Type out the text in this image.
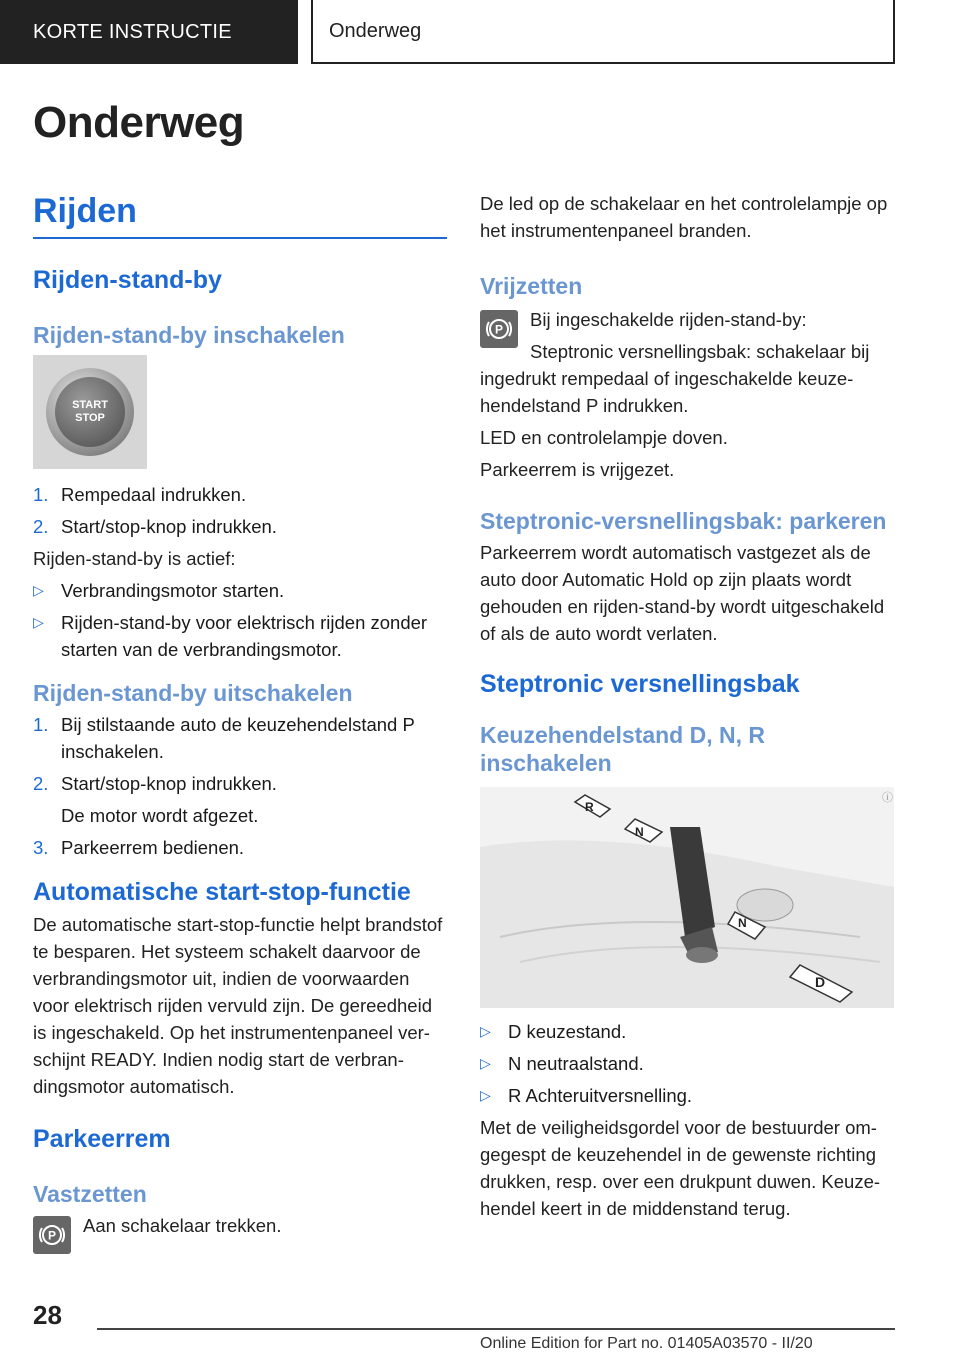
KORTE INSTRUCTIE	Onderweg
Onderweg
Rijden
Rijden-stand-by
Rijden-stand-by inschakelen
START
STOP
1. Rempedaal indrukken.
2. Start/stop-knop indrukken.

Rijden-stand-by is actief:

▷ Verbrandingsmotor starten.
▷ Rijden-stand-by voor elektrisch rijden zonder starten van de verbrandingsmotor.
Rijden-stand-by uitschakelen
1. Bij stilstaande auto de keuzehendelstand P inschakelen.
2. Start/stop-knop indrukken.
De motor wordt afgezet.
3. Parkeerrem bedienen.
Automatische start-stop-functie

De automatische start-stop-functie helpt brandstof te besparen. Het systeem schakelt daarvoor de verbrandingsmotor uit, indien de voorwaarden voor elektrisch rijden vervuld zijn. De gereedheid is ingeschakeld. Op het instrumentenpaneel verschijnt READY. Indien nodig start de verbrandingsmotor automatisch.

Parkeerrem
Vastzetten
P Aan schakelaar trekken.

De led op de schakelaar en het controlelampje op het instrumentenpaneel branden.

Vrijzetten
P Bij ingeschakelde rijden-stand-by:

Steptronic versnellingsbak: schakelaar bij ingedrukt rempedaal of ingeschakelde keuzehendelstand P indrukken.

LED en controlelampje doven.

Parkeerrem is vrijgezet.

Steptronic-versnellingsbak: parkeren

Parkeerrem wordt automatisch vastgezet als de auto door Automatic Hold op zijn plaats wordt gehouden en rijden-stand-by wordt uitgeschakeld of als de auto wordt verlaten.

Steptronic versnellingsbak
Keuzehendelstand D, N, R inschakelen
R
N
N
D
ⓘ
▷ D keuzestand.
▷ N neutraalstand.
▷ R Achteruitversnelling.

Met de veiligheidsgordel voor de bestuurder omgegespt de keuzehendel in de gewenste richting drukken, resp. over een drukpunt duwen. Keuzehendel keert in de middenstand terug.

28
Online Edition for Part no. 01405A03570 - II/20
